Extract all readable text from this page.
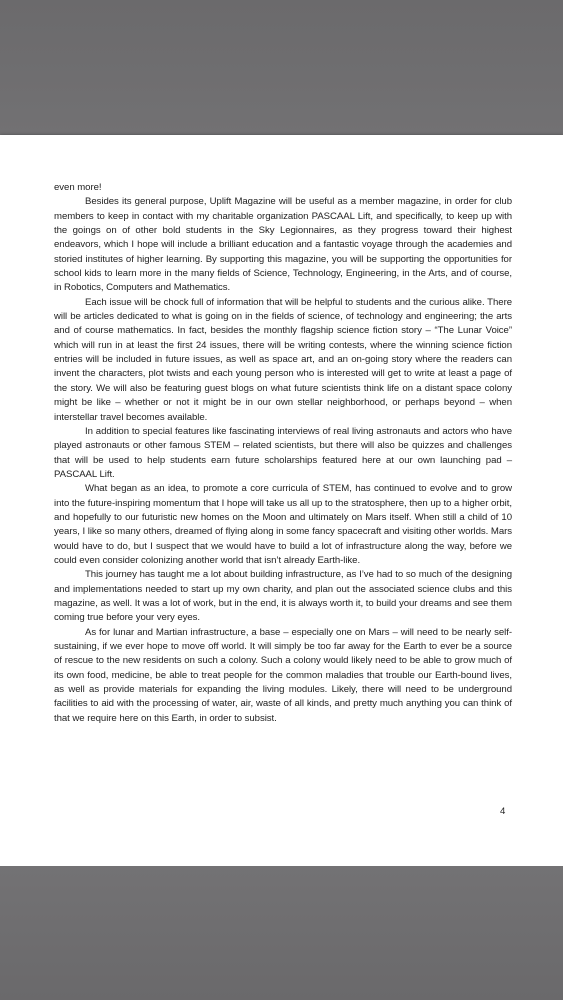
even more!

Besides its general purpose, Uplift Magazine will be useful as a member magazine, in order for club members to keep in contact with my charitable organization PASCAAL Lift, and specifically, to keep up with the goings on of other bold students in the Sky Legionnaires, as they progress toward their highest endeavors, which I hope will include a brilliant education and a fantastic voyage through the academies and storied institutes of higher learning. By supporting this magazine, you will be supporting the opportunities for school kids to learn more in the many fields of Science, Technology, Engineering, in the Arts, and of course, in Robotics, Computers and Mathematics.

Each issue will be chock full of information that will be helpful to students and the curious alike. There will be articles dedicated to what is going on in the fields of science, of technology and engineering; the arts and of course mathematics. In fact, besides the monthly flagship science fiction story – “The Lunar Voice” which will run in at least the first 24 issues, there will be writing contests, where the winning science fiction entries will be included in future issues, as well as space art, and an on-going story where the readers can invent the characters, plot twists and each young person who is interested will get to write at least a page of the story. We will also be featuring guest blogs on what future scientists think life on a distant space colony might be like – whether or not it might be in our own stellar neighborhood, or perhaps beyond – when interstellar travel becomes available.

In addition to special features like fascinating interviews of real living astronauts and actors who have played astronauts or other famous STEM – related scientists, but there will also be quizzes and challenges that will be used to help students earn future scholarships featured here at our own launching pad – PASCAAL Lift.

What began as an idea, to promote a core curricula of STEM, has continued to evolve and to grow into the future-inspiring momentum that I hope will take us all up to the stratosphere, then up to a higher orbit, and hopefully to our futuristic new homes on the Moon and ultimately on Mars itself. When still a child of 10 years, I like so many others, dreamed of flying along in some fancy spacecraft and visiting other worlds. Mars would have to do, but I suspect that we would have to build a lot of infrastructure along the way, before we could even consider colonizing another world that isn’t already Earth-like.

This journey has taught me a lot about building infrastructure, as I’ve had to so much of the designing and implementations needed to start up my own charity, and plan out the associated science clubs and this magazine, as well. It was a lot of work, but in the end, it is always worth it, to build your dreams and see them coming true before your very eyes.

As for lunar and Martian infrastructure, a base – especially one on Mars – will need to be nearly self-sustaining, if we ever hope to move off world. It will simply be too far away for the Earth to ever be a source of rescue to the new residents on such a colony. Such a colony would likely need to be able to grow much of its own food, medicine, be able to treat people for the common maladies that trouble our Earth-bound lives, as well as provide materials for expanding the living modules. Likely, there will need to be underground facilities to aid with the processing of water, air, waste of all kinds, and pretty much anything you can think of that we require here on this Earth, in order to subsist.

4
